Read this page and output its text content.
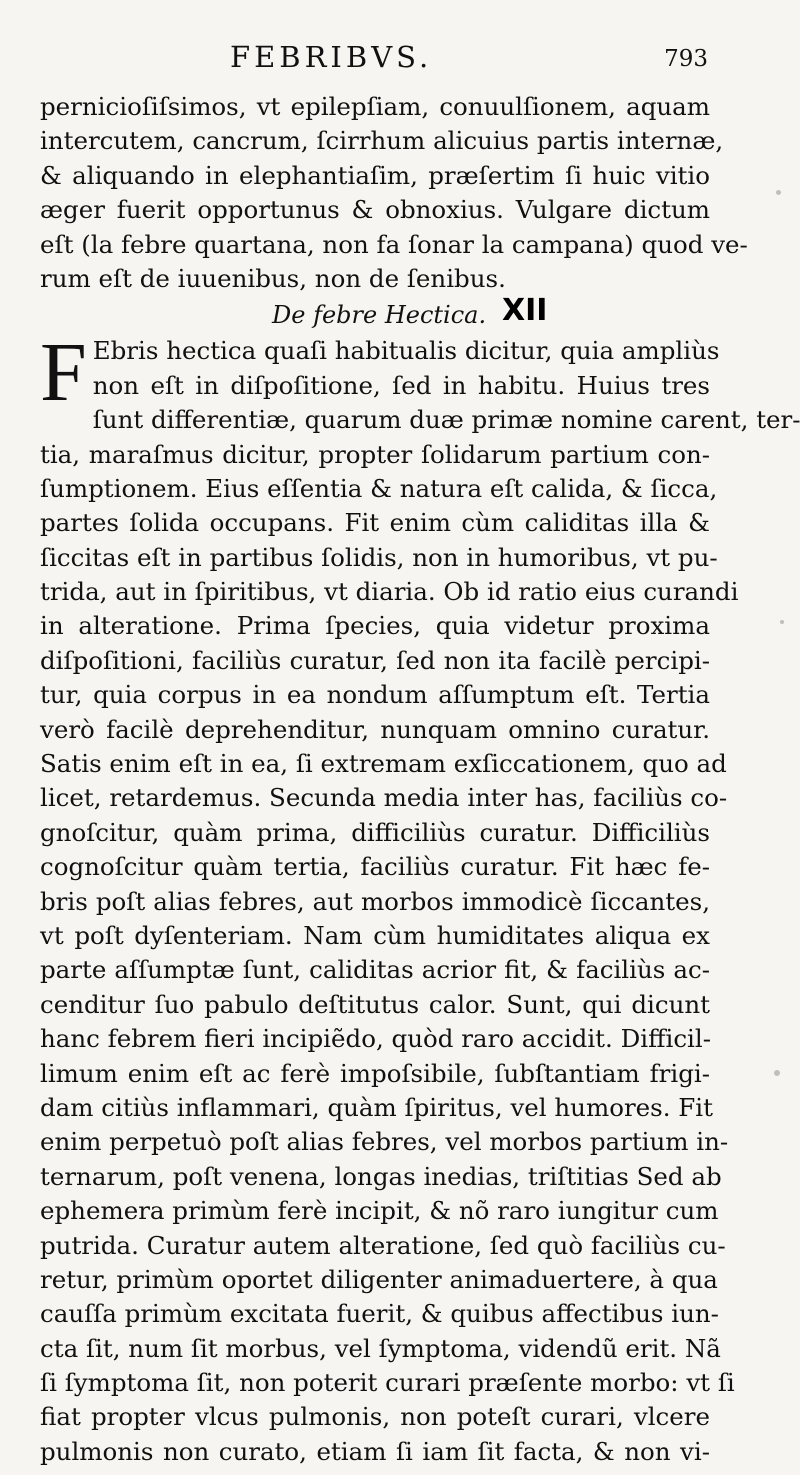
FEBRIBVS.	793
pernicioſiſsimos, vt epilepſiam, conuulſionem, aquam
intercutem, cancrum, ſcirrhum alicuius partis internæ,
& aliquando in elephantiaſim, præſertim ſi huic vitio
æger fuerit opportunus & obnoxius. Vulgare dictum
eſt (la febre quartana, non fa ſonar la campana) quod ve-
rum eſt de iuuenibus, non de ſenibus.
De febre Hectica. XII
F Ebris hectica quaſi habitualis dicitur, quia ampliùs
non eſt in diſpoſitione, ſed in habitu. Huius tres
ſunt differentiæ, quarum duæ primæ nomine carent, ter-
tia, maraſmus dicitur, propter ſolidarum partium con-
ſumptionem. Eius eſſentia & natura eſt calida, & ſicca,
partes ſolida occupans. Fit enim cùm caliditas illa &
ſiccitas eſt in partibus ſolidis, non in humoribus, vt pu-
trida, aut in ſpiritibus, vt diaria. Ob id ratio eius curandi
in alteratione. Prima ſpecies, quia videtur proxima
diſpoſitioni, faciliùs curatur, ſed non ita facilè percipi-
tur, quia corpus in ea nondum aſſumptum eſt. Tertia
verò facilè deprehenditur, nunquam omnino curatur.
Satis enim eſt in ea, ſi extremam exſiccationem, quo ad
licet, retardemus. Secunda media inter has, faciliùs co-
gnoſcitur, quàm prima, difficiliùs curatur. Difficiliùs
cognoſcitur quàm tertia, faciliùs curatur. Fit hæc fe-
bris poſt alias febres, aut morbos immodicè ſiccantes,
vt poſt dyſenteriam. Nam cùm humiditates aliqua ex
parte aſſumptæ ſunt, caliditas acrior fit, & faciliùs ac-
cenditur ſuo pabulo deſtitutus calor. Sunt, qui dicunt
hanc febrem fieri incipiẽdo, quòd raro accidit. Difficil-
limum enim eſt ac ferè impoſsibile, ſubſtantiam frigi-
dam citiùs inflammari, quàm ſpiritus, vel humores. Fit
enim perpetuò poſt alias febres, vel morbos partium in-
ternarum, poſt venena, longas inedias, triſtitias Sed ab
ephemera primùm ferè incipit, & nõ raro iungitur cum
putrida. Curatur autem alteratione, ſed quò faciliùs cu-
retur, primùm oportet diligenter animaduertere, à qua
cauſſa primùm excitata fuerit, & quibus affectibus iun-
cta ſit, num ſit morbus, vel ſymptoma, videndũ erit. Nã
ſi ſymptoma ſit, non poterit curari præſente morbo: vt ſi
fiat propter vlcus pulmonis, non poteſt curari, vlcere
pulmonis non curato, etiam ſi iam ſit facta, & non vi-
